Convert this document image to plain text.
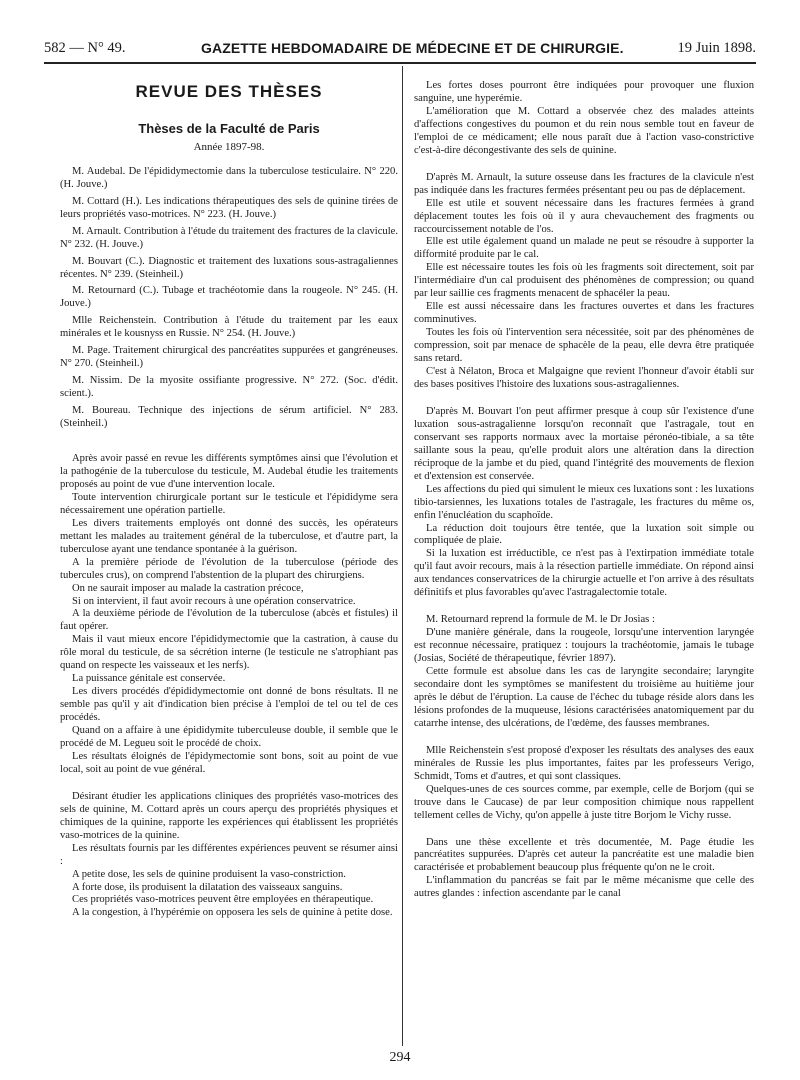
582 — N° 49.	GAZETTE HEBDOMADAIRE DE MÉDECINE ET DE CHIRURGIE.	19 Juin 1898.

REVUE DES THÈSES

Thèses de la Faculté de Paris

Année 1897-98.

M. Audebal. De l'épididymectomie dans la tuberculose testiculaire. N° 220. (H. Jouve.)

M. Cottard (H.). Les indications thérapeutiques des sels de quinine tirées de leurs propriétés vaso-motrices. N° 223. (H. Jouve.)

M. Arnault. Contribution à l'étude du traitement des fractures de la clavicule. N° 232. (H. Jouve.)

M. Bouvart (C.). Diagnostic et traitement des luxations sous-astragaliennes récentes. N° 239. (Steinheil.)

M. Retournard (C.). Tubage et trachéotomie dans la rougeole. N° 245. (H. Jouve.)

Mlle Reichenstein. Contribution à l'étude du traitement par les eaux minérales et le kousnyss en Russie. N° 254. (H. Jouve.)

M. Page. Traitement chirurgical des pancréatites suppurées et gangréneuses. N° 270. (Steinheil.)

M. Nissim. De la myosite ossifiante progressive. N° 272. (Soc. d'édit. scient.).

M. Boureau. Technique des injections de sérum artificiel. N° 283. (Steinheil.)

Après avoir passé en revue les différents symptômes ainsi que l'évolution et la pathogénie de la tuberculose du testicule, M. Audebal étudie les traitements proposés au point de vue d'une intervention locale.

Toute intervention chirurgicale portant sur le testicule et l'épididyme sera nécessairement une opération partielle.

Les divers traitements employés ont donné des succès, les opérateurs mettant les malades au traitement général de la tuberculose, et d'autre part, la tuberculose ayant une tendance spontanée à la guérison.

A la première période de l'évolution de la tuberculose (période des tubercules crus), on comprend l'abstention de la plupart des chirurgiens.

On ne saurait imposer au malade la castration précoce,

Si on intervient, il faut avoir recours à une opération conservatrice.

A la deuxième période de l'évolution de la tuberculose (abcès et fistules) il faut opérer.

Mais il vaut mieux encore l'épididymectomie que la castration, à cause du rôle moral du testicule, de sa sécrétion interne (le testicule ne s'atrophiant pas quand on respecte les vaisseaux et les nerfs).

La puissance génitale est conservée.

Les divers procédés d'épididymectomie ont donné de bons résultats. Il ne semble pas qu'il y ait d'indication bien précise à l'emploi de tel ou tel de ces procédés.

Quand on a affaire à une épididymite tuberculeuse double, il semble que le procédé de M. Legueu soit le procédé de choix.

Les résultats éloignés de l'épidymectomie sont bons, soit au point de vue local, soit au point de vue général.

Désirant étudier les applications cliniques des propriétés vaso-motrices des sels de quinine, M. Cottard après un cours aperçu des propriétés physiques et chimiques de la quinine, rapporte les expériences qui établissent les propriétés vaso-motrices de la quinine.

Les résultats fournis par les différentes expériences peuvent se résumer ainsi :

A petite dose, les sels de quinine produisent la vaso-constriction.

A forte dose, ils produisent la dilatation des vaisseaux sanguins.

Ces propriétés vaso-motrices peuvent être employées en thérapeutique.

A la congestion, à l'hypérémie on opposera les sels de quinine à petite dose.

Les fortes doses pourront être indiquées pour provoquer une fluxion sanguine, une hyperémie.

L'amélioration que M. Cottard a observée chez des malades atteints d'affections congestives du poumon et du rein nous semble tout en faveur de l'emploi de ce médicament; elle nous paraît due à l'action vaso-constrictive c'est-à-dire décongestivante des sels de quinine.

D'après M. Arnault, la suture osseuse dans les fractures de la clavicule n'est pas indiquée dans les fractures fermées présentant peu ou pas de déplacement.

Elle est utile et souvent nécessaire dans les fractures fermées à grand déplacement toutes les fois où il y aura chevauchement des fragments ou raccourcissement notable de l'os.

Elle est utile également quand un malade ne peut se résoudre à supporter la difformité produite par le cal.

Elle est nécessaire toutes les fois où les fragments soit directement, soit par l'intermédiaire d'un cal produisent des phénomènes de compression; ou quand par leur saillie ces fragments menacent de sphacéler la peau.

Elle est aussi nécessaire dans les fractures ouvertes et dans les fractures comminutives.

Toutes les fois où l'intervention sera nécessitée, soit par des phénomènes de compression, soit par menace de sphacèle de la peau, elle devra être pratiquée sans retard.

C'est à Nélaton, Broca et Malgaigne que revient l'honneur d'avoir établi sur des bases positives l'histoire des luxations sous-astragaliennes.

D'après M. Bouvart l'on peut affirmer presque à coup sûr l'existence d'une luxation sous-astragalienne lorsqu'on reconnaît que l'astragale, tout en conservant ses rapports normaux avec la mortaise péronéo-tibiale, a sa tête saillante sous la peau, qu'elle produit alors une altération dans la direction réciproque de la jambe et du pied, quand l'intégrité des mouvements de flexion et d'extension est conservée.

Les affections du pied qui simulent le mieux ces luxations sont : les luxations tibio-tarsiennes, les luxations totales de l'astragale, les fractures du même os, enfin l'énucléation du scaphoïde.

La réduction doit toujours être tentée, que la luxation soit simple ou compliquée de plaie.

Si la luxation est irréductible, ce n'est pas à l'extirpation immédiate totale qu'il faut avoir recours, mais à la résection partielle immédiate. On répond ainsi aux tendances conservatrices de la chirurgie actuelle et l'on arrive à des résultats définitifs et plus favorables qu'avec l'astragalectomie totale.

M. Retournard reprend la formule de M. le Dr Josias :

D'une manière générale, dans la rougeole, lorsqu'une intervention laryngée est reconnue nécessaire, pratiquez : toujours la trachéotomie, jamais le tubage (Josias, Société de thérapeutique, février 1897).

Cette formule est absolue dans les cas de laryngite secondaire; laryngite secondaire dont les symptômes se manifestent du troisième au huitième jour après le début de l'éruption. La cause de l'échec du tubage réside alors dans les lésions profondes de la muqueuse, lésions caractérisées anatomiquement par du catarrhe intense, des ulcérations, de l'œdème, des fausses membranes.

Mlle Reichenstein s'est proposé d'exposer les résultats des analyses des eaux minérales de Russie les plus importantes, faites par les professeurs Verigo, Schmidt, Toms et d'autres, et qui sont classiques.

Quelques-unes de ces sources comme, par exemple, celle de Borjom (qui se trouve dans le Caucase) de par leur composition chimique nous rappellent tellement celles de Vichy, qu'on appelle à juste titre Borjom le Vichy russe.

Dans une thèse excellente et très documentée, M. Page étudie les pancréatites suppurées. D'après cet auteur la pancréatite est une maladie bien caractérisée et probablement beaucoup plus fréquente qu'on ne le croit.

L'inflammation du pancréas se fait par le même mécanisme que celle des autres glandes : infection ascendante par le canal

294
